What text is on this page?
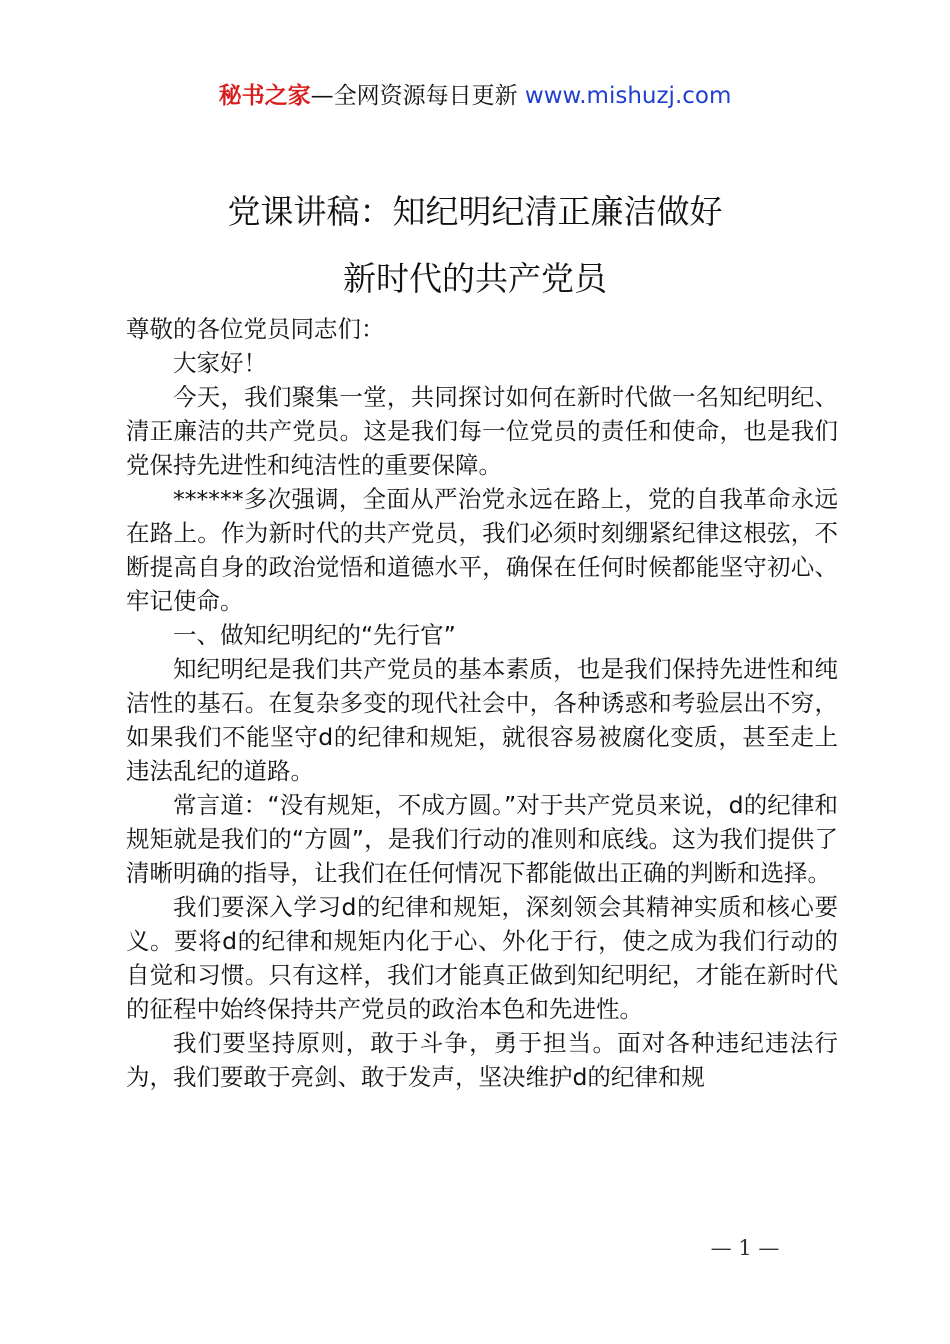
秘书之家—全网资源每日更新 www.mishuzj.com
党课讲稿：知纪明纪清正廉洁做好
新时代的共产党员

尊敬的各位党员同志们：

大家好！

今天，我们聚集一堂，共同探讨如何在新时代做一名知纪明纪、清正廉洁的共产党员。这是我们每一位党员的责任和使命，也是我们党保持先进性和纯洁性的重要保障。

******多次强调，全面从严治党永远在路上，党的自我革命永远在路上。作为新时代的共产党员，我们必须时刻绷紧纪律这根弦，不断提高自身的政治觉悟和道德水平，确保在任何时候都能坚守初心、牢记使命。

一、做知纪明纪的“先行官”

知纪明纪是我们共产党员的基本素质，也是我们保持先进性和纯洁性的基石。在复杂多变的现代社会中，各种诱惑和考验层出不穷，如果我们不能坚守d的纪律和规矩，就很容易被腐化变质，甚至走上违法乱纪的道路。

常言道：“没有规矩，不成方圆。”对于共产党员来说，d的纪律和规矩就是我们的“方圆”，是我们行动的准则和底线。这为我们提供了清晰明确的指导，让我们在任何情况下都能做出正确的判断和选择。

我们要深入学习d的纪律和规矩，深刻领会其精神实质和核心要义。要将d的纪律和规矩内化于心、外化于行，使之成为我们行动的自觉和习惯。只有这样，我们才能真正做到知纪明纪，才能在新时代的征程中始终保持共产党员的政治本色和先进性。

我们要坚持原则，敢于斗争，勇于担当。面对各种违纪违法行为，我们要敢于亮剑、敢于发声，坚决维护d的纪律和规

— 1 —
